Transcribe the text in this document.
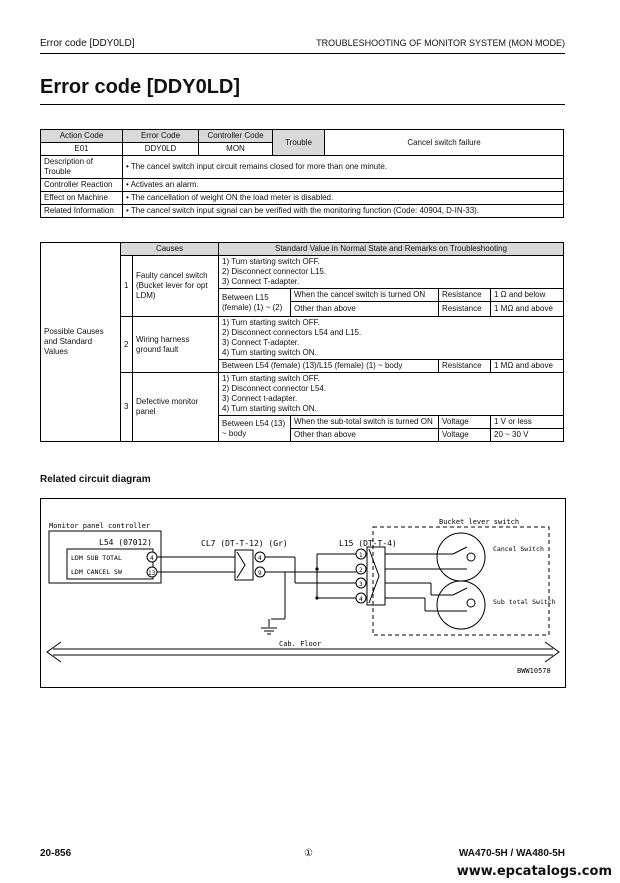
Error code [DDY0LD]	TROUBLESHOOTING OF MONITOR SYSTEM (MON MODE)
Error code [DDY0LD]
Action Code	Error Code	Controller Code	Trouble	Cancel switch failure
E01	DDY0LD	MON		
Description of Trouble	• The cancel switch input circuit remains closed for more than one minute.			
Controller Reaction	• Activates an alarm.			
Effect on Machine	• The cancellation of weight ON the load meter is disabled.			
Related Information	• The cancel switch input signal can be verified with the monitoring function (Code: 40904, D-IN-33).			
Possible Causes and Standard Values	Causes		Standard Value in Normal State and Remarks on Troubleshooting			
	1	Faulty cancel switch (Bucket lever for opt LDM)	1) Turn starting switch OFF.
2) Disconnect connector L15.
3) Connect T-adapter.			
			Between L15 (female) (1) ~ (2)	When the cancel switch is turned ON	Resistance	1 Ω and below
				Other than above	Resistance	1 MΩ and above
	2	Wiring harness ground fault	1) Turn starting switch OFF.
2) Disconnect connectors L54 and L15.
3) Connect T-adapter.
4) Turn starting switch ON.			
			Between L54 (female) (13)/L15 (female) (1) ~ body		Resistance	1 MΩ and above
	3	Defective monitor panel	1) Turn starting switch OFF.
2) Disconnect connector L54.
3) Connect t-adapter.
4) Turn starting switch ON.			
			Between L54 (13) ~ body	When the sub-total switch is turned ON	Voltage	1 V or less
				Other than above	Voltage	20 ~ 30 V
Related circuit diagram
Monitor panel controller
L54 (07012)
LDM SUB TOTAL
LDM CANCEL SW
4
13
CL7 (DT-T-12) (Gr)
4
9
L15 (DT-T-4)
1
2
3
4
Bucket lever switch
Cancel Switch
Sub total Switch
Cab. Floor
BWW10578
20-856	①	WA470-5H / WA480-5H
www.epcatalogs.com
